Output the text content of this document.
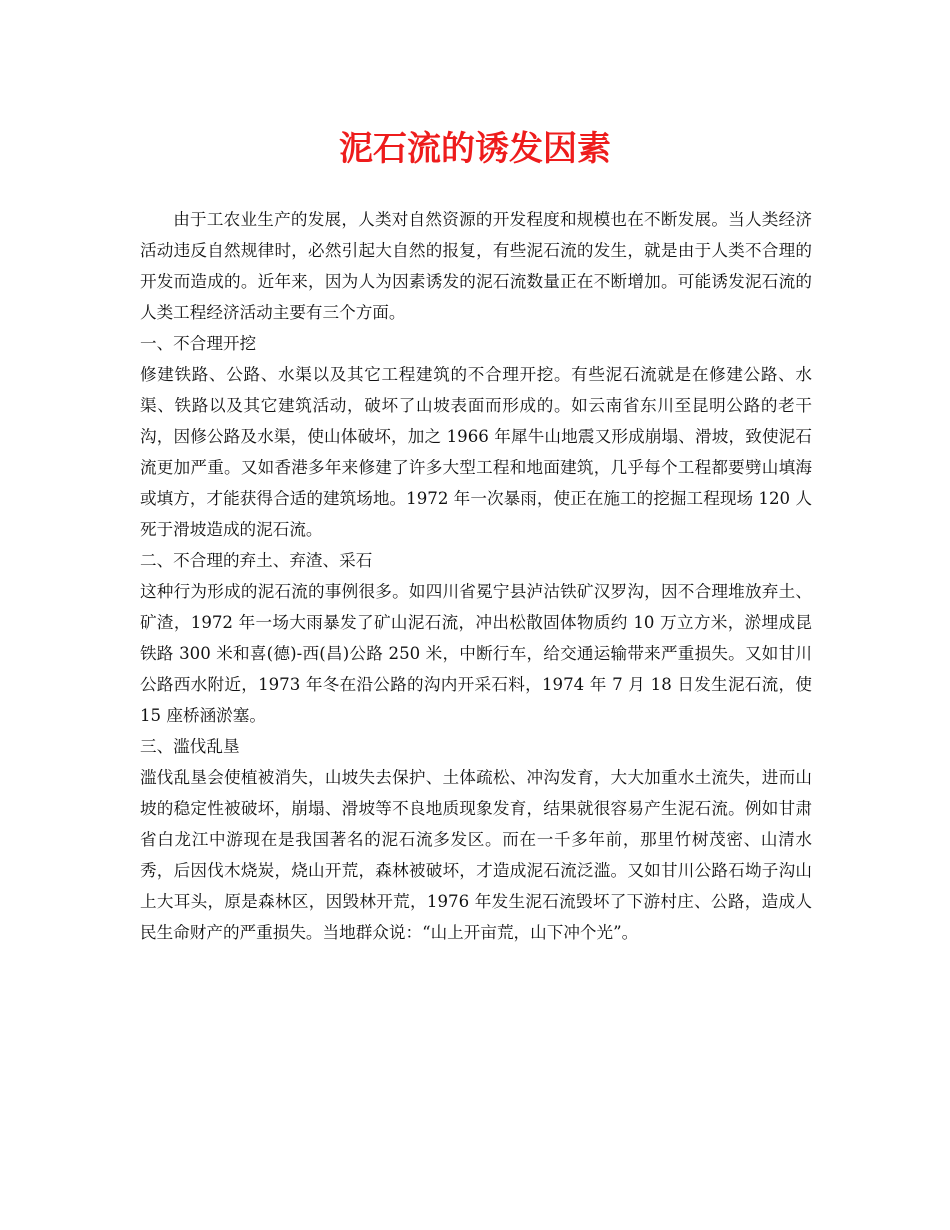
泥石流的诱发因素

由于工农业生产的发展，人类对自然资源的开发程度和规模也在不断发展。当人类经济活动违反自然规律时，必然引起大自然的报复，有些泥石流的发生，就是由于人类不合理的开发而造成的。近年来，因为人为因素诱发的泥石流数量正在不断增加。可能诱发泥石流的人类工程经济活动主要有三个方面。

一、不合理开挖

修建铁路、公路、水渠以及其它工程建筑的不合理开挖。有些泥石流就是在修建公路、水渠、铁路以及其它建筑活动，破坏了山坡表面而形成的。如云南省东川至昆明公路的老干沟，因修公路及水渠，使山体破坏，加之 1966 年犀牛山地震又形成崩塌、滑坡，致使泥石流更加严重。又如香港多年来修建了许多大型工程和地面建筑，几乎每个工程都要劈山填海或填方，才能获得合适的建筑场地。1972 年一次暴雨，使正在施工的挖掘工程现场 120 人死于滑坡造成的泥石流。

二、不合理的弃土、弃渣、采石

这种行为形成的泥石流的事例很多。如四川省冕宁县泸沽铁矿汉罗沟，因不合理堆放弃土、矿渣，1972 年一场大雨暴发了矿山泥石流，冲出松散固体物质约 10 万立方米，淤埋成昆铁路 300 米和喜(德)-西(昌)公路 250 米，中断行车，给交通运输带来严重损失。又如甘川公路西水附近，1973 年冬在沿公路的沟内开采石料，1974 年 7 月 18 日发生泥石流，使 15 座桥涵淤塞。

三、滥伐乱垦

滥伐乱垦会使植被消失，山坡失去保护、土体疏松、冲沟发育，大大加重水土流失，进而山坡的稳定性被破坏，崩塌、滑坡等不良地质现象发育，结果就很容易产生泥石流。例如甘肃省白龙江中游现在是我国著名的泥石流多发区。而在一千多年前，那里竹树茂密、山清水秀，后因伐木烧炭，烧山开荒，森林被破坏，才造成泥石流泛滥。又如甘川公路石坳子沟山上大耳头，原是森林区，因毁林开荒，1976 年发生泥石流毁坏了下游村庄、公路，造成人民生命财产的严重损失。当地群众说：“山上开亩荒，山下冲个光”。
